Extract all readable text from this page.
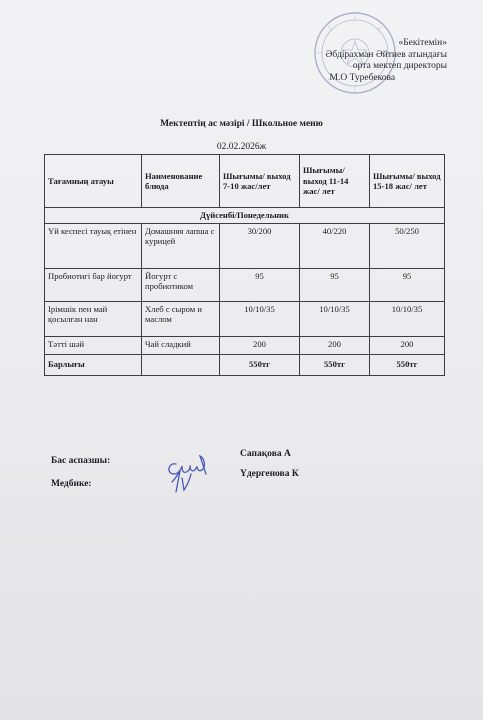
«Бекітемін»
Әбдірахман Әйтиев атындағы
орта мектеп директоры
М.О Туребекова
Мектептің ас мәзірі / Школьное меню
02.02.2026ж
Тағамның атауы	Наименование блюда	Шығымы/ выход 7-10 жас/лет	Шығымы/ выход 11-14 жас/ лет	Шығымы/ выход 15-18 жас/ лет
Дүйсенбі/Понедельник				
Үй кеспесі тауық етінен	Домашняя лапша с курицей	30/200	40/220	50/250
Пробиотигі бар йогурт	Йогурт с пробиотиком	95	95	95
Ірімшік пен май қосылған нан	Хлеб с сыром и маслом	10/10/35	10/10/35	10/10/35
Тәтті шәй	Чай сладкий	200	200	200
Барлығы		550тг	550тг	550тг
Бас аспазшы:
Сапақова А
Медбике:
Үдергенова К
